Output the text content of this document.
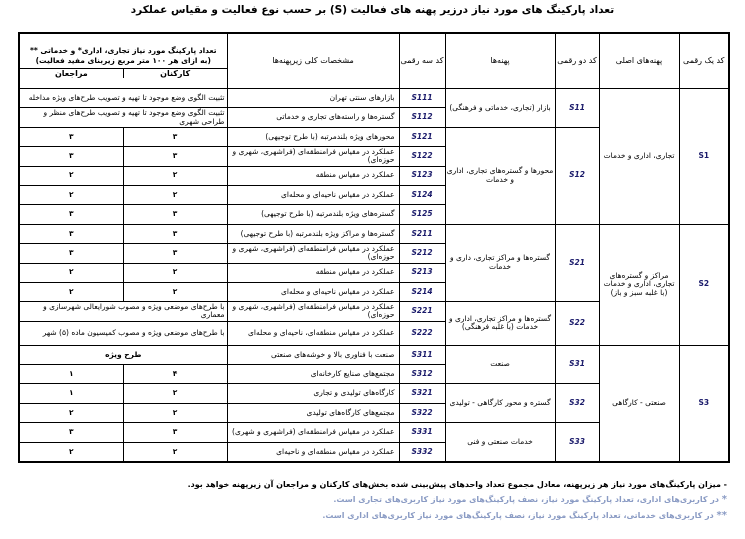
تعداد پارکینگ های مورد نیاز درزیر پهنه های فعالیت (S) بر حسب نوع فعالیت و مقیاس عملکرد
کد یک رقمی	پهنه‌های اصلی	کد دو رقمی	پهنه‌ها	کد سه رقمی	مشخصات کلی زیرپهنه‌ها	تعداد پارکینگ مورد نیاز تجاری، اداری* و خدماتی ** (به ازای هر ۱۰۰ متر مربع زیربنای مفید فعالیت)
کارکنان
مراجعان	

S1	تجاری، اداری و خدمات	S11	بازار (تجاری، خدماتی و فرهنگی)	S111	بازارهای سنتی تهران	تثبیت الگوی وضع موجود تا تهیه و تصویب طرح‌های ویژه مداخله	
				S112	گستره‌ها و راسته‌های تجاری و خدماتی	تثبیت الگوی وضع موجود تا تهیه و تصویب طرح‌های منظر و طراحی شهری	
		S12	محورها و گستره‌های تجاری، اداری و خدمات	S121	محورهای ویژه بلندمرتبه (با طرح توجیهی)	۳	۳
				S122	عملکرد در مقیاس فرامنطقه‌ای (فراشهری، شهری و حوزه‌ای)	۳	۳
				S123	عملکرد در مقیاس منطقه	۲	۲
				S124	عملکرد در مقیاس ناحیه‌ای و محله‌ای	۲	۲
				S125	گستره‌های ویژه بلندمرتبه (با طرح توجیهی)	۳	۳
S2	مراکز و گستره‌های تجاری، اداری و خدمات (با غلبه سبز و باز)	S21	گستره‌ها و مراکز تجاری، داری و خدمات	S211	گستره‌ها و مراکز ویژه بلندمرتبه (با طرح توجیهی)	۳	۳
				S212	عملکرد در مقیاس فرامنطقه‌ای (فراشهری، شهری و حوزه‌ای)	۳	۳
				S213	عملکرد در مقیاس منطقه	۲	۲
				S214	عملکرد در مقیاس ناحیه‌ای و محله‌ای	۲	۲
		S22	گستره‌ها و مراکز تجاری، اداری و خدمات (با غلبه فرهنگی)	S221	عملکرد در مقیاس فرامنطقه‌ای (فراشهری، شهری و حوزه‌ای)	با طرح‌های موضعی ویژه و مصوب شورایعالی شهرسازی و معماری	
				S222	عملکرد در مقیاس منطقه‌ای، ناحیه‌ای و محله‌ای	با طرح‌های موضعی ویژه و مصوب کمیسیون ماده (۵) شهر	
S3	صنعتی - کارگاهی	S31	صنعت	S311	صنعت با فناوری بالا و خوشه‌های صنعتی	طرح ویژه	
				S312	مجتمع‌های صنایع کارخانه‌ای	۴	۱
		S32	گستره و محور کارگاهی - تولیدی	S321	کارگاه‌های تولیدی و تجاری	۲	۱
				S322	مجتمع‌های کارگاه‌های تولیدی	۲	۲
		S33	خدمات صنعتی و فنی	S331	عملکرد در مقیاس فرامنطقه‌ای (فراشهری و شهری)	۳	۳
				S332	عملکرد در مقیاس منطقه‌ای و ناحیه‌ای	۲	۲
- میزان پارکینگ‌های مورد نیاز هر زیرپهنه، معادل مجموع تعداد واحدهای پیش‌بینی شده بخش‌های کارکنان و مراجعان آن زیرپهنه خواهد بود.
* در کاربری‌های اداری، تعداد پارکینگ مورد نیاز، نصف پارکینگ‌های مورد نیاز کاربری‌های تجاری است.
** در کاربری‌های خدماتی، تعداد پارکینگ مورد نیاز، نصف پارکینگ‌های مورد نیاز کاربری‌های اداری است.
